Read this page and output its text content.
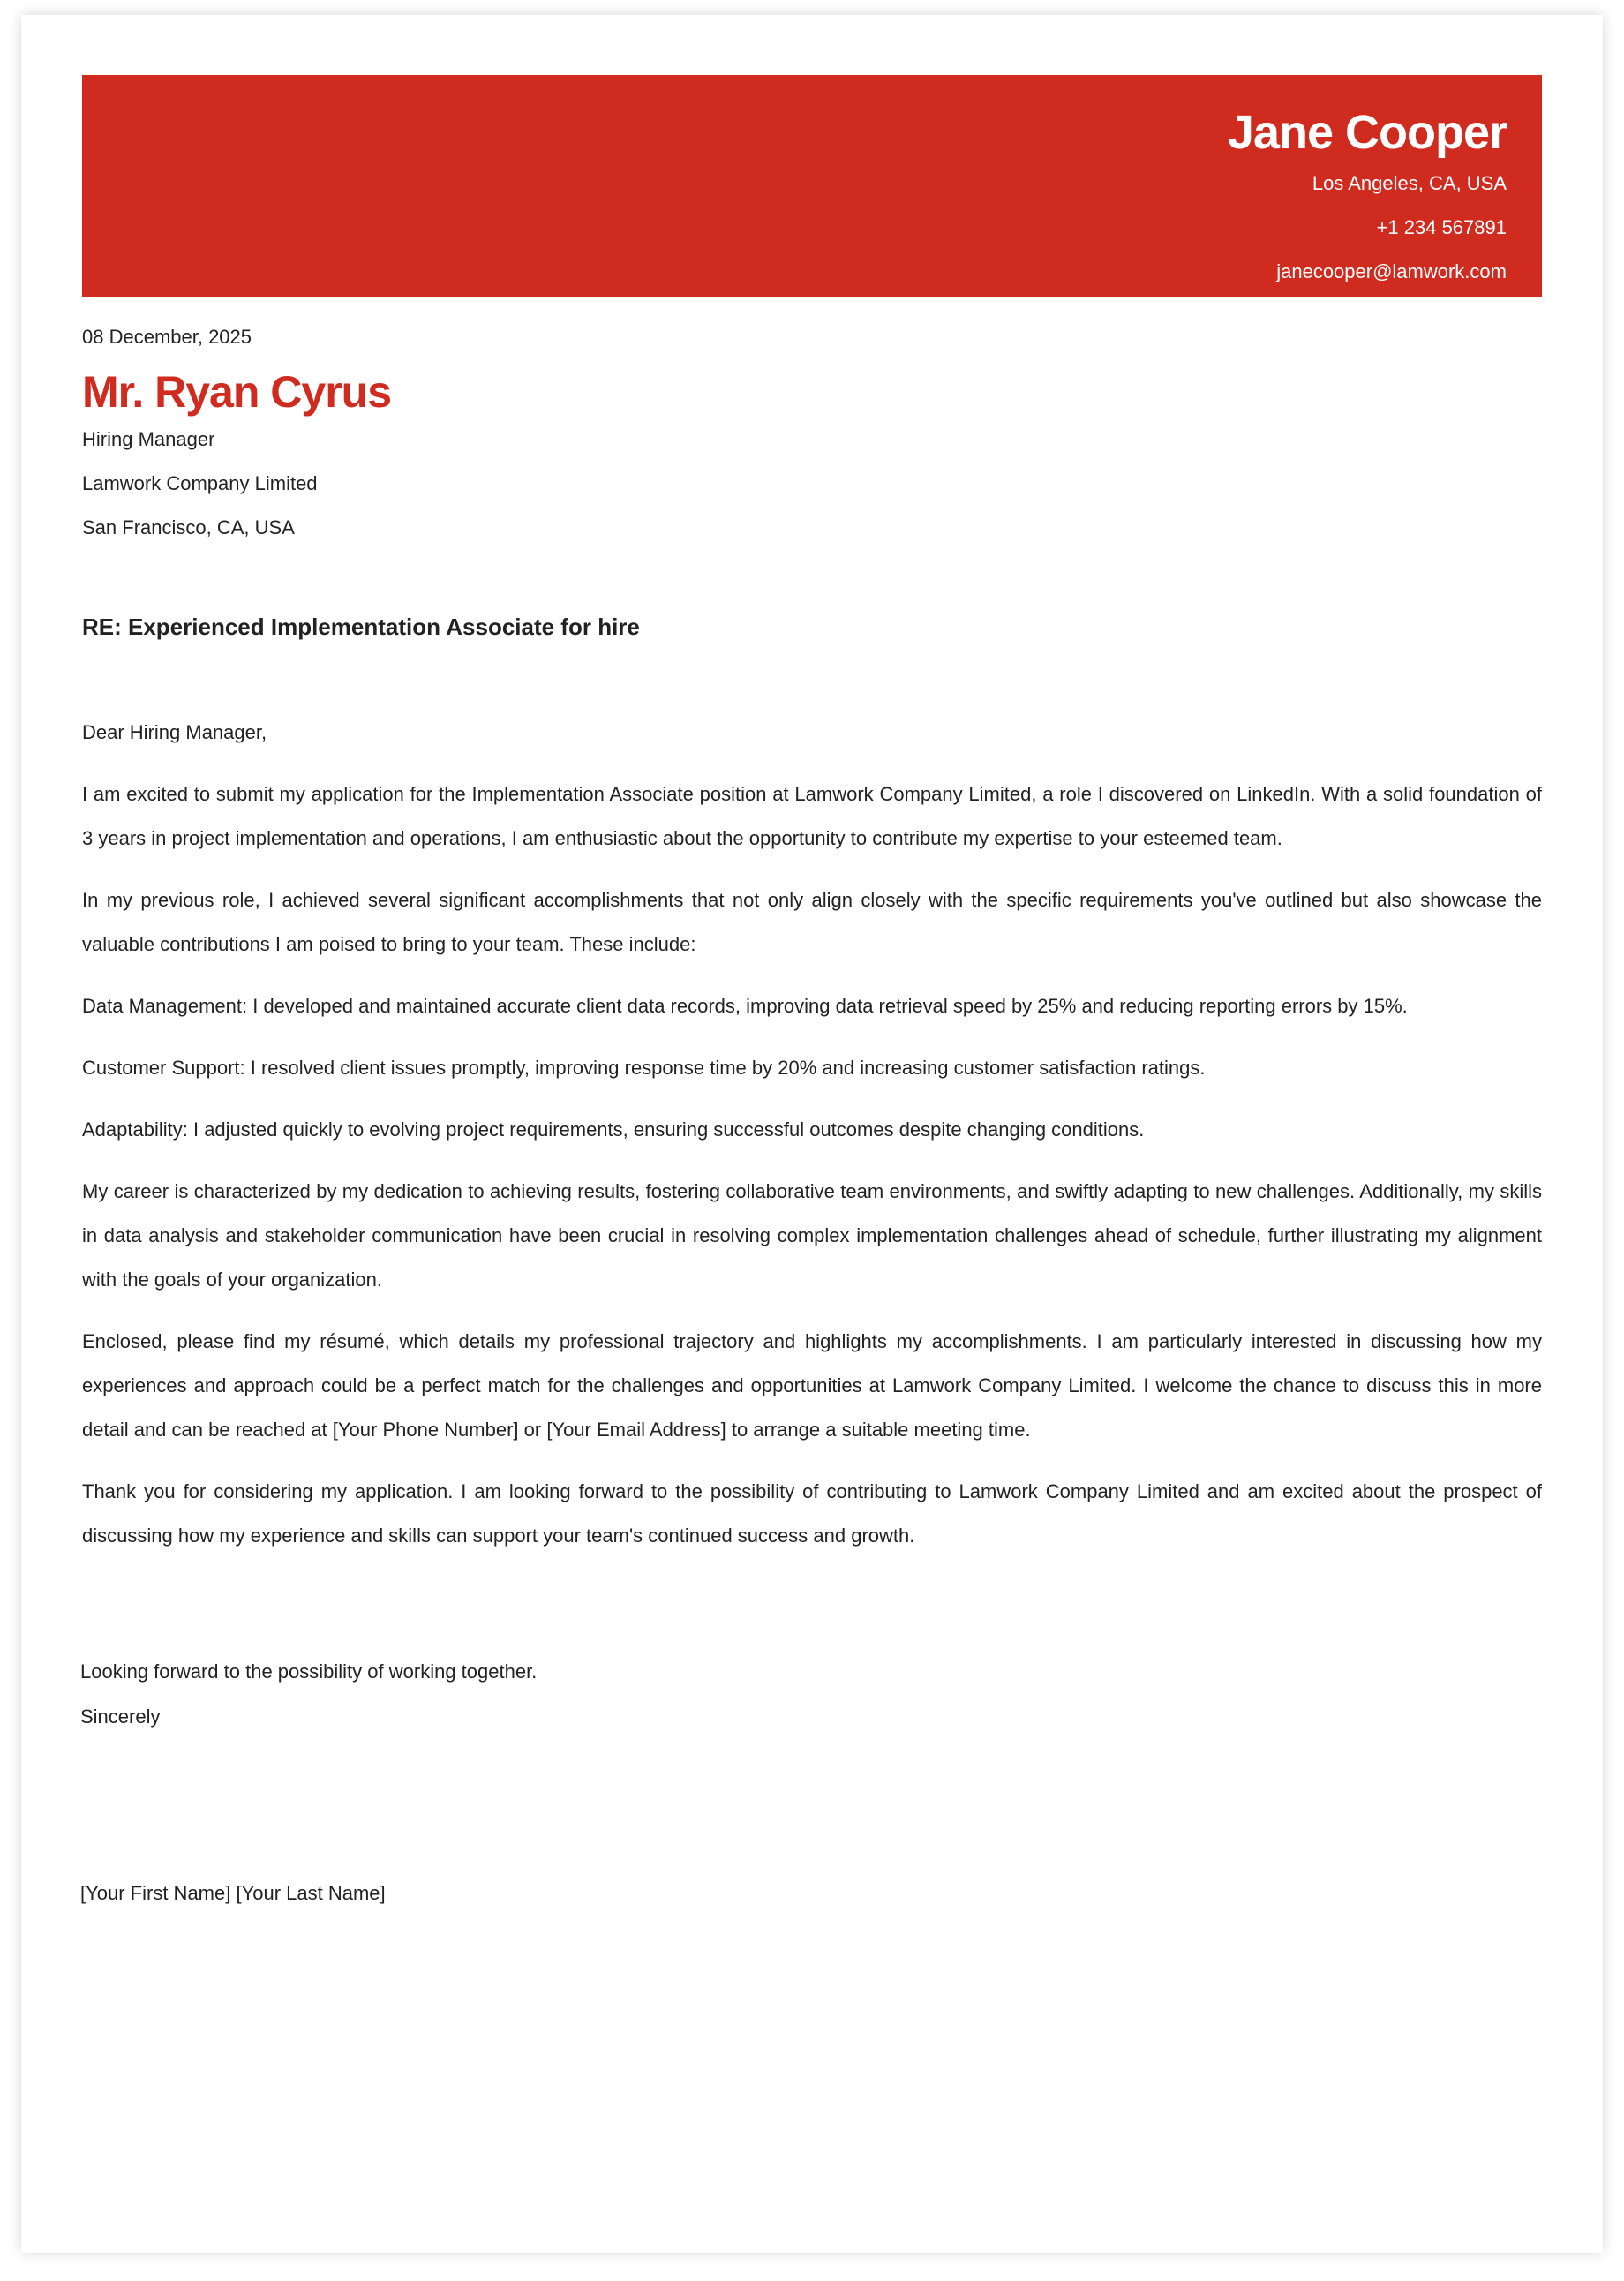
Jane Cooper
Los Angeles, CA, USA
+1 234 567891
janecooper@lamwork.com
08 December, 2025
Mr. Ryan Cyrus
Hiring Manager
Lamwork Company Limited
San Francisco, CA, USA
RE: Experienced Implementation Associate for hire

Dear Hiring Manager,

I am excited to submit my application for the Implementation Associate position at Lamwork Company Limited, a role I discovered on LinkedIn. With a solid foundation of 3 years in project implementation and operations, I am enthusiastic about the opportunity to contribute my expertise to your esteemed team.

In my previous role, I achieved several significant accomplishments that not only align closely with the specific requirements you've outlined but also showcase the valuable contributions I am poised to bring to your team. These include:

Data Management: I developed and maintained accurate client data records, improving data retrieval speed by 25% and reducing reporting errors by 15%.

Customer Support: I resolved client issues promptly, improving response time by 20% and increasing customer satisfaction ratings.

Adaptability: I adjusted quickly to evolving project requirements, ensuring successful outcomes despite changing conditions.

My career is characterized by my dedication to achieving results, fostering collaborative team environments, and swiftly adapting to new challenges. Additionally, my skills in data analysis and stakeholder communication have been crucial in resolving complex implementation challenges ahead of schedule, further illustrating my alignment with the goals of your organization.

Enclosed, please find my résumé, which details my professional trajectory and highlights my accomplishments. I am particularly interested in discussing how my experiences and approach could be a perfect match for the challenges and opportunities at Lamwork Company Limited. I welcome the chance to discuss this in more detail and can be reached at [Your Phone Number] or [Your Email Address] to arrange a suitable meeting time.

Thank you for considering my application. I am looking forward to the possibility of contributing to Lamwork Company Limited and am excited about the prospect of discussing how my experience and skills can support your team's continued success and growth.

Looking forward to the possibility of working together.
Sincerely
[Your First Name] [Your Last Name]
